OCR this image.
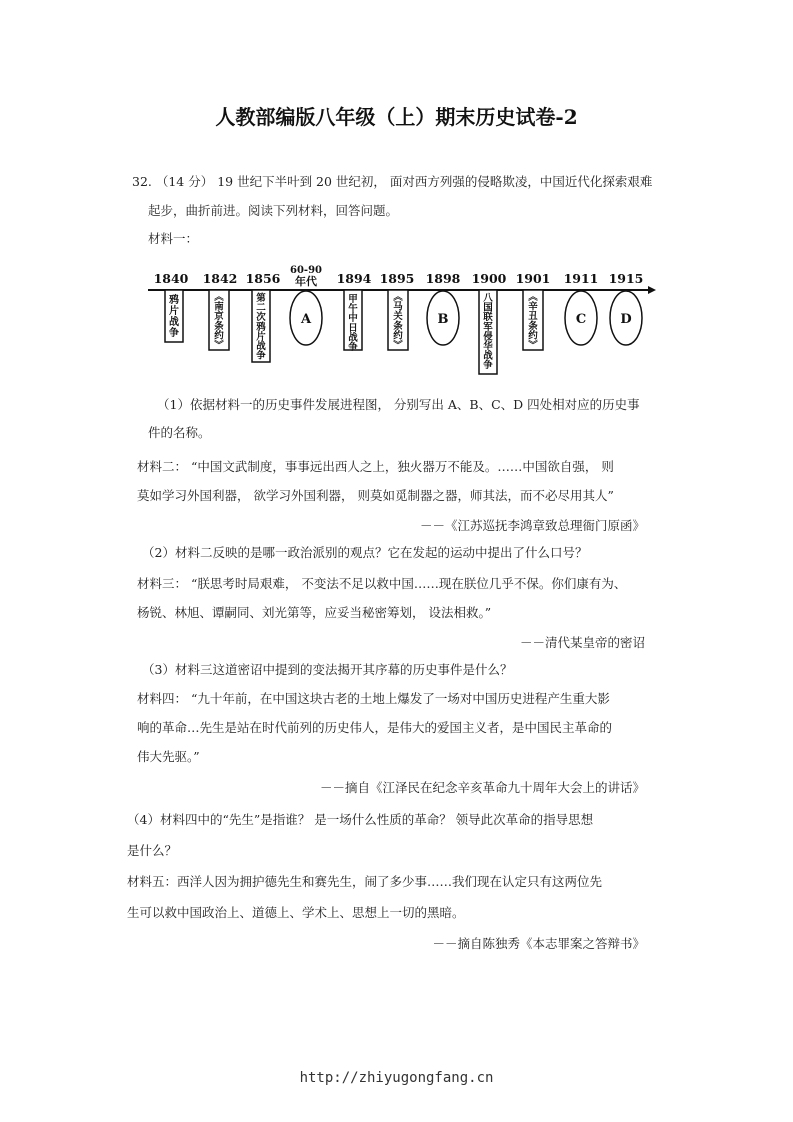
人教部编版八年级（上）期末历史试卷-2
32. （14 分） 19 世纪下半叶到 20 世纪初， 面对西方列强的侵略欺凌，中国近代化探索艰难
起步，曲折前进。阅读下列材料，回答问题。
材料一：
1840 1842 1856
60-90
年代 1894 1895 1898 1900 1901 1911 1915
鸦
片
战
争
︽
南
京
条
约
︾
第
二
次
鸦
片
战
争
A
甲
午
中
日
战
争
︽
马
关
条
约
︾
B
八
国
联
军
侵
华
战
争
︽
辛
丑
条
约
︾
C	D
（1）依据材料一的历史事件发展进程图， 分别写出 A、B、C、D 四处相对应的历史事
件的名称。
材料二： “中国文武制度，事事远出西人之上，独火器万不能及。……中国欲自强， 则
莫如学习外国利器， 欲学习外国利器， 则莫如觅制器之器，师其法，而不必尽用其人”
－－《江苏巡抚李鸿章致总理衙门原函》
（2）材料二反映的是哪一政治派别的观点？它在发起的运动中提出了什么口号？
材料三： “朕思考时局艰难， 不变法不足以救中国……现在朕位几乎不保。你们康有为、
杨锐、林旭、谭嗣同、刘光第等，应妥当秘密筹划， 设法相救。”
－－清代某皇帝的密诏
（3）材料三这道密诏中提到的变法揭开其序幕的历史事件是什么？
材料四： “九十年前，在中国这块古老的土地上爆发了一场对中国历史进程产生重大影
响的革命…先生是站在时代前列的历史伟人，是伟大的爱国主义者，是中国民主革命的
伟大先驱。”
－－摘自《江泽民在纪念辛亥革命九十周年大会上的讲话》
（4）材料四中的“先生”是指谁？ 是一场什么性质的革命？ 领导此次革命的指导思想
是什么？
材料五：西洋人因为拥护德先生和赛先生，闹了多少事……我们现在认定只有这两位先
生可以救中国政治上、道德上、学术上、思想上一切的黑暗。
－－摘自陈独秀《本志罪案之答辩书》
http://zhiyugongfang.cn
